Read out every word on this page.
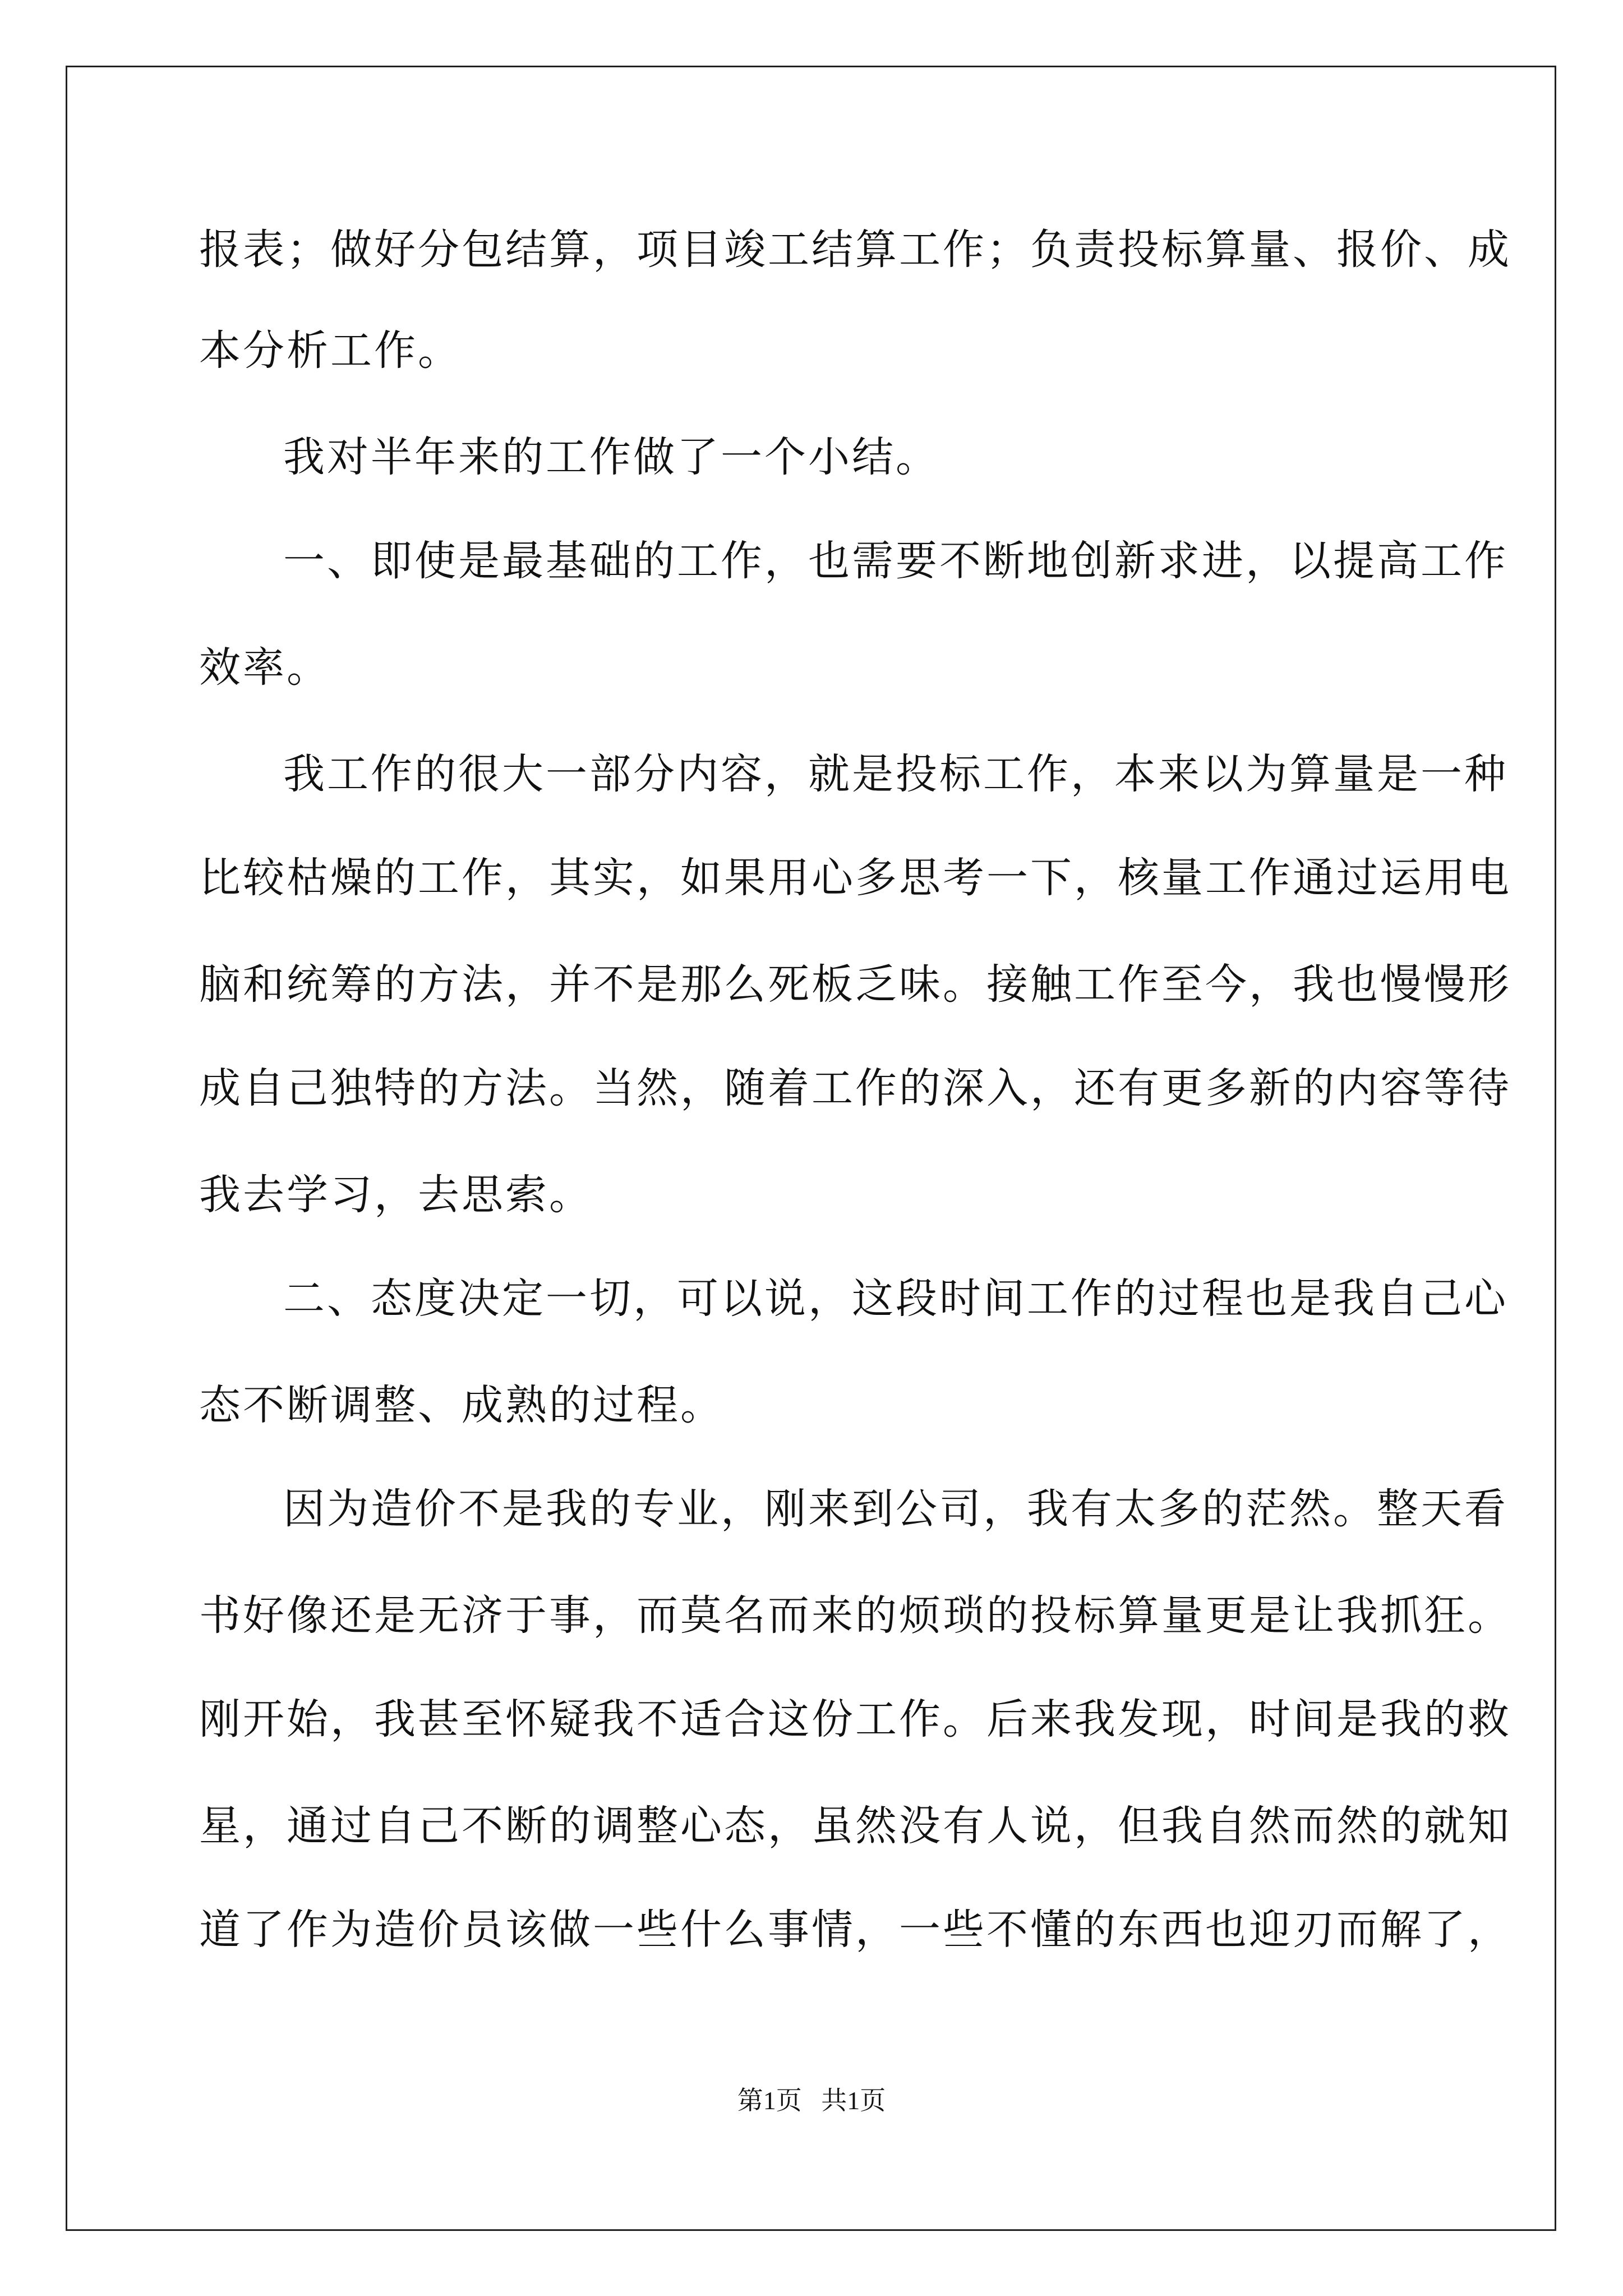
报表；做好分包结算，项目竣工结算工作；负责投标算量、报价、成
本分析工作。
我对半年来的工作做了一个小结。
一、即使是最基础的工作，也需要不断地创新求进，以提高工作
效率。
我工作的很大一部分内容，就是投标工作，本来以为算量是一种
比较枯燥的工作，其实，如果用心多思考一下，核量工作通过运用电
脑和统筹的方法，并不是那么死板乏味。接触工作至今，我也慢慢形
成自己独特的方法。当然，随着工作的深入，还有更多新的内容等待
我去学习，去思索。
二、态度决定一切，可以说，这段时间工作的过程也是我自己心
态不断调整、成熟的过程。
因为造价不是我的专业，刚来到公司，我有太多的茫然。整天看
书好像还是无济于事，而莫名而来的烦琐的投标算量更是让我抓狂。
刚开始，我甚至怀疑我不适合这份工作。后来我发现，时间是我的救
星，通过自己不断的调整心态，虽然没有人说，但我自然而然的就知
道了作为造价员该做一些什么事情，一些不懂的东西也迎刃而解了，
第1页   共1页
